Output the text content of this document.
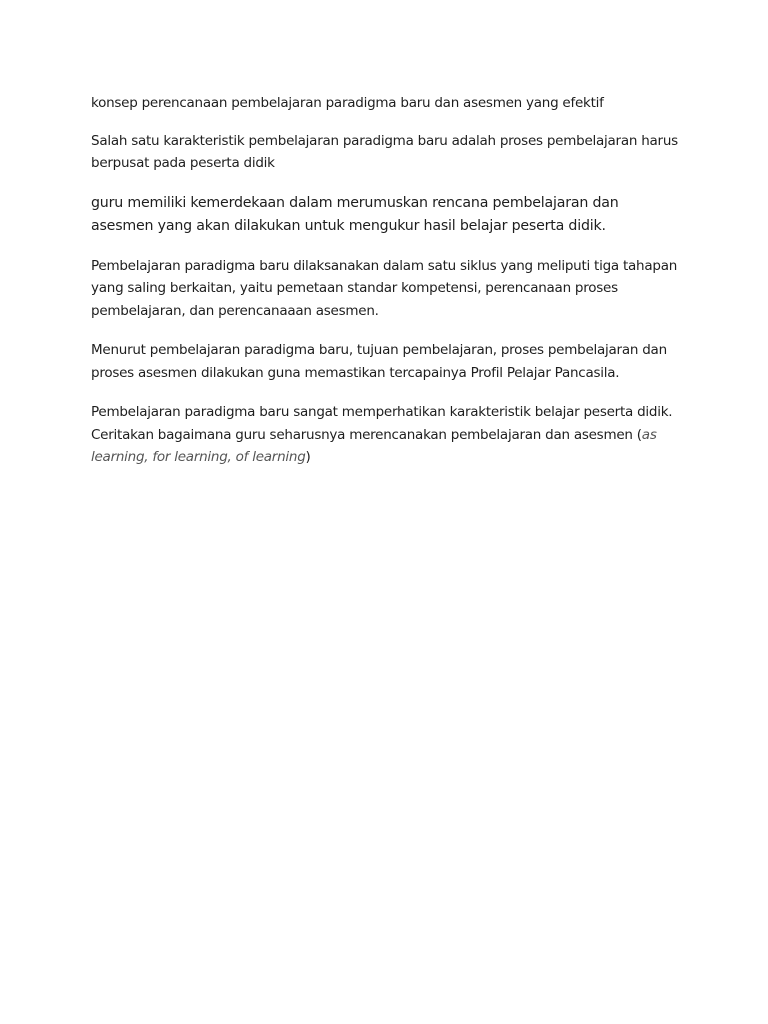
konsep perencanaan pembelajaran paradigma baru dan asesmen yang efektif

Salah satu karakteristik pembelajaran paradigma baru adalah proses pembelajaran harus berpusat pada peserta didik

guru memiliki kemerdekaan dalam merumuskan rencana pembelajaran dan asesmen yang akan dilakukan untuk mengukur hasil belajar peserta didik.

Pembelajaran paradigma baru dilaksanakan dalam satu siklus yang meliputi tiga tahapan yang saling berkaitan, yaitu pemetaan standar kompetensi, perencanaan proses pembelajaran, dan perencanaaan asesmen.

Menurut pembelajaran paradigma baru, tujuan pembelajaran, proses pembelajaran dan proses asesmen dilakukan guna memastikan tercapainya Profil Pelajar Pancasila.

Pembelajaran paradigma baru sangat memperhatikan karakteristik belajar peserta didik. Ceritakan bagaimana guru seharusnya merencanakan pembelajaran dan asesmen (as learning, for learning, of learning)
